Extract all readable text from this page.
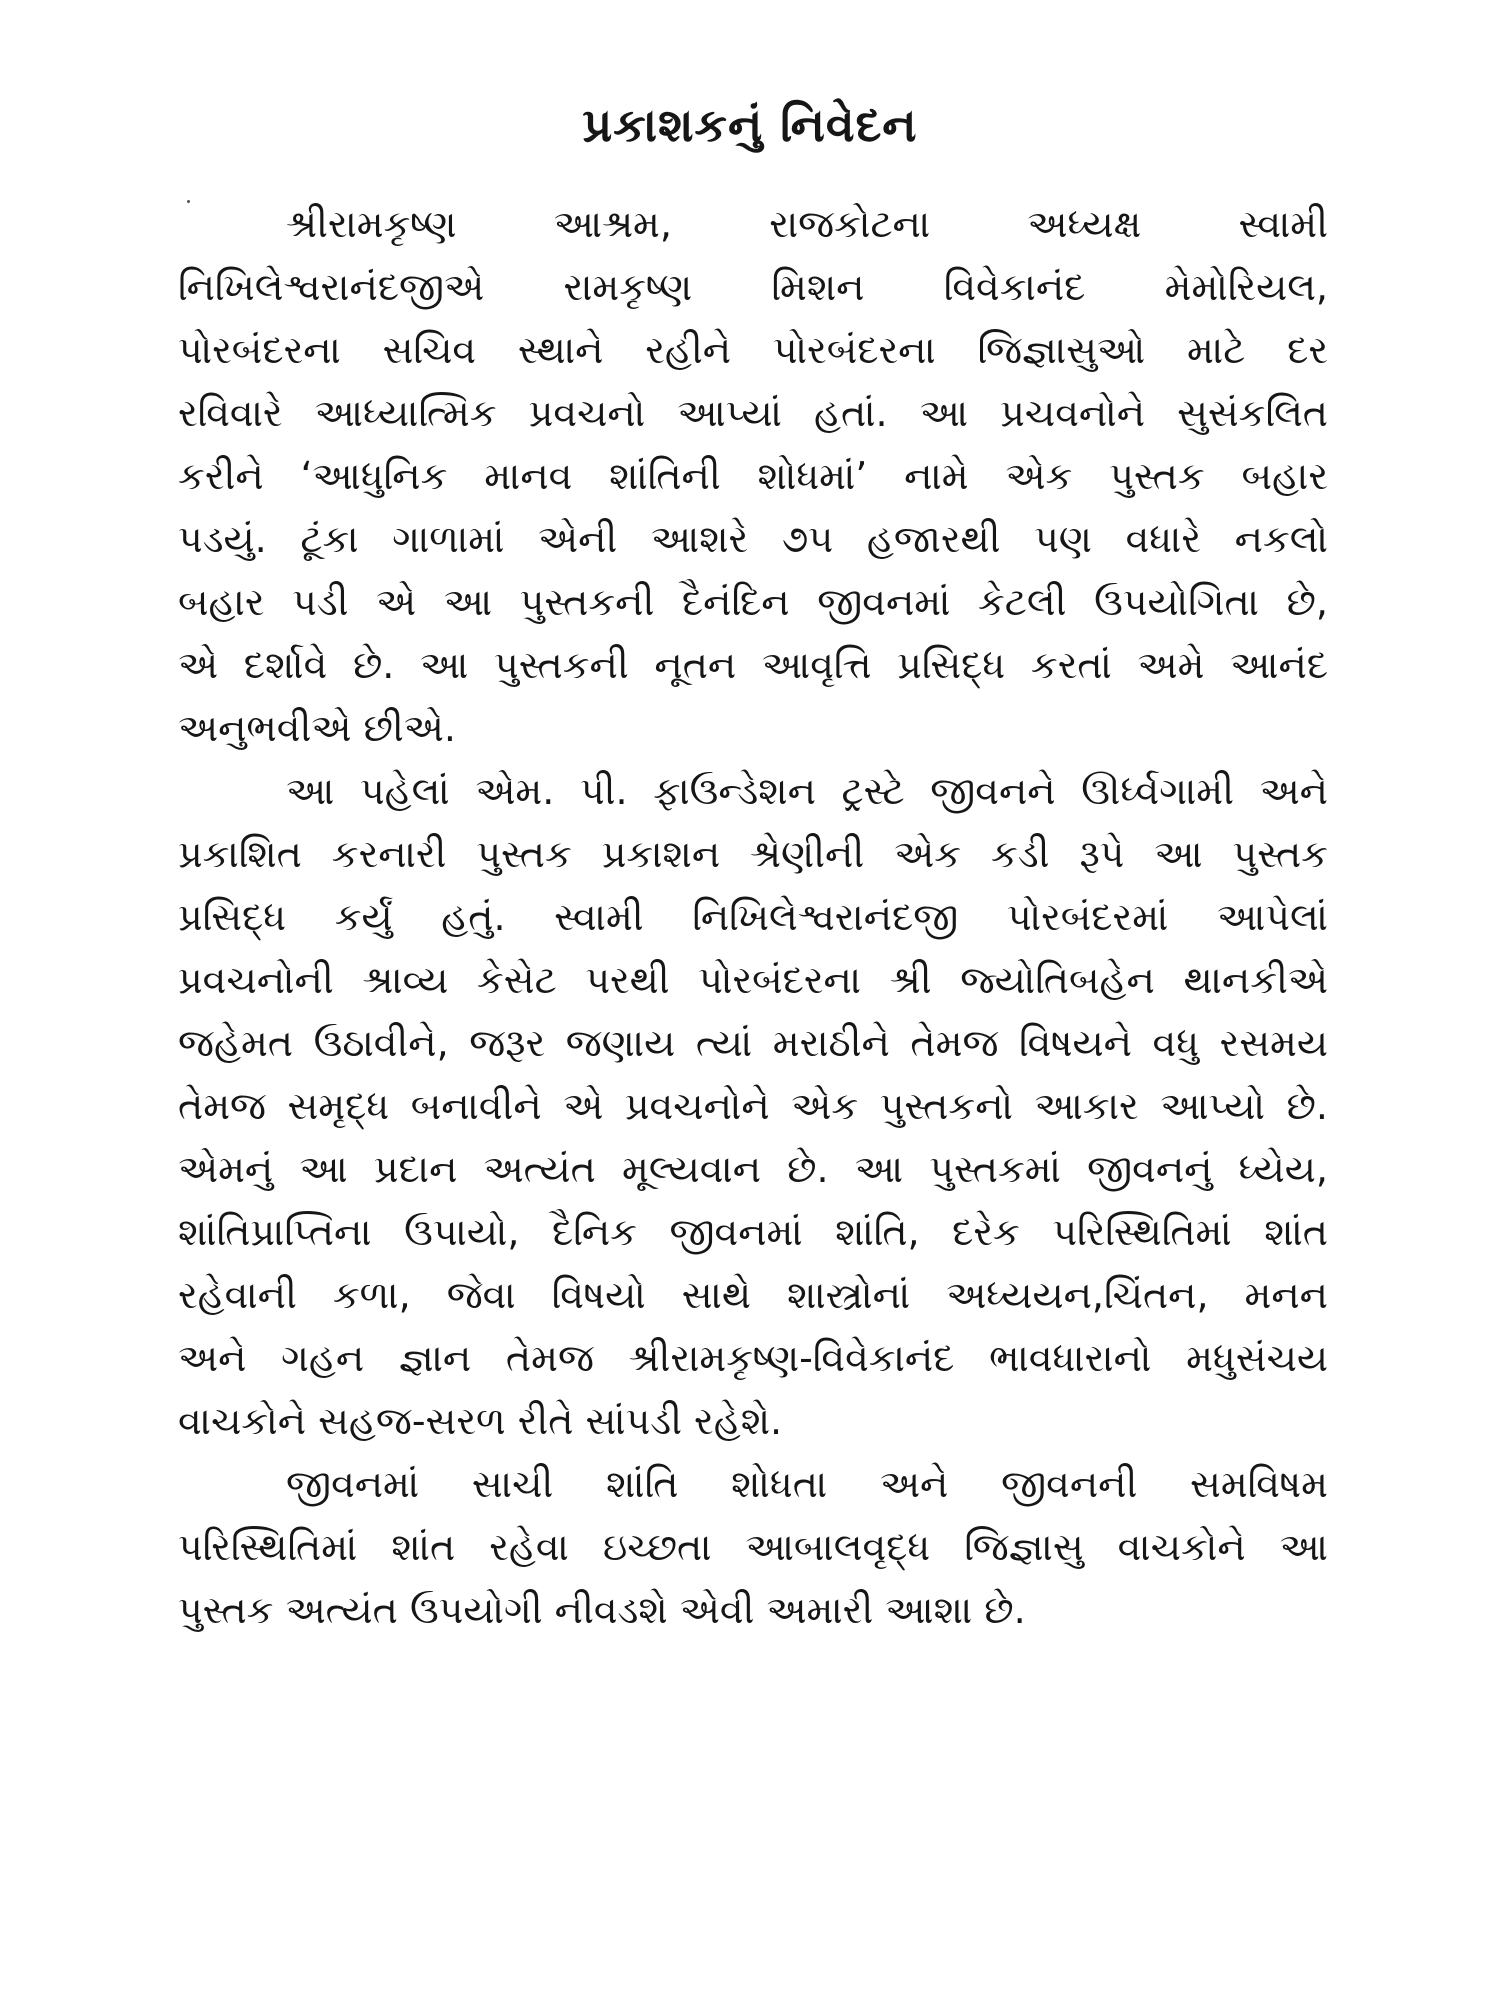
પ્રકાશકનું નિવેદન

શ્રીરામકૃષ્ણ આશ્રમ, રાજકોટના અધ્યક્ષ સ્વામી
નિખિલેશ્વરાનંદજીએ રામકૃષ્ણ મિશન વિવેકાનંદ મેમોરિયલ,
પોરબંદરના સચિવ સ્થાને રહીને પોરબંદરના જિજ્ઞાસુઓ માટે દર
રવિવારે આધ્યાત્મિક પ્રવચનો આપ્યાં હતાં. આ પ્રચવનોને સુસંકલિત
કરીને ‘આધુનિક માનવ શાંતિની શોધમાં’ નામે એક પુસ્તક બહાર
પડયું. ટૂંકા ગાળામાં એની આશરે ૭૫ હજારથી પણ વધારે નકલો
બહાર પડી એ આ પુસ્તકની દૈનંદિન જીવનમાં કેટલી ઉપયોગિતા છે,
એ દર્શાવે છે. આ પુસ્તકની નૂતન આવૃત્તિ પ્રસિદ્ધ કરતાં અમે આનંદ
અનુભવીએ છીએ.

આ પહેલાં એમ. પી. ફાઉન્ડેશન ટ્રસ્ટે જીવનને ઊર્ધ્વગામી અને
પ્રકાશિત કરનારી પુસ્તક પ્રકાશન શ્રેણીની એક કડી રૂપે આ પુસ્તક
પ્રસિદ્ધ કર્યું હતું. સ્વામી નિખિલેશ્વરાનંદજી પોરબંદરમાં આપેલાં
પ્રવચનોની શ્રાવ્ય કેસેટ પરથી પોરબંદરના શ્રી જ્યોતિબહેન થાનકીએ
જહેમત ઉઠાવીને, જરૂર જણાય ત્યાં મરાઠીને તેમજ વિષયને વધુ રસમય
તેમજ સમૃદ્ધ બનાવીને એ પ્રવચનોને એક પુસ્તકનો આકાર આપ્યો છે.
એમનું આ પ્રદાન અત્યંત મૂલ્યવાન છે. આ પુસ્તકમાં જીવનનું ધ્યેય,
શાંતિપ્રાપ્તિના ઉપાયો, દૈનિક જીવનમાં શાંતિ, દરેક પરિસ્થિતિમાં શાંત
રહેવાની કળા, જેવા વિષયો સાથે શાસ્ત્રોનાં અધ્યયન,ચિંતન, મનન
અને ગહન જ્ઞાન તેમજ શ્રીરામકૃષ્ણ-વિવેકાનંદ ભાવધારાનો મધુસંચય
વાચકોને સહજ-સરળ રીતે સાંપડી રહેશે.

જીવનમાં સાચી શાંતિ શોધતા અને જીવનની સમવિષમ
પરિસ્થિતિમાં શાંત રહેવા ઇચ્છતા આબાલવૃદ્ધ જિજ્ઞાસુ વાચકોને આ
પુસ્તક અત્યંત ઉપયોગી નીવડશે એવી અમારી આશા છે.
